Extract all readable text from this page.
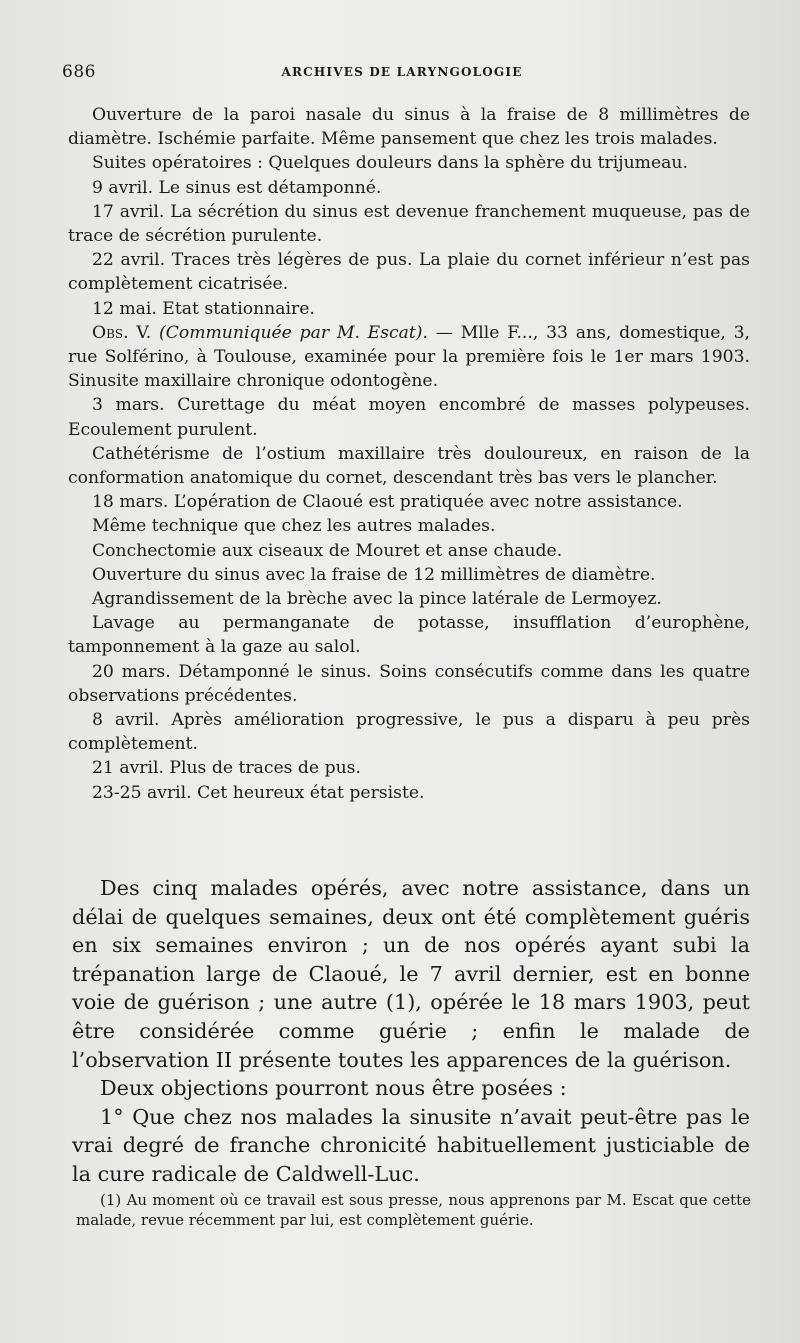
686	ARCHIVES DE LARYNGOLOGIE

Ouverture de la paroi nasale du sinus à la fraise de 8 millimètres de diamètre. Ischémie parfaite. Même pansement que chez les trois malades.

Suites opératoires : Quelques douleurs dans la sphère du trijumeau.

9 avril. Le sinus est détamponné.

17 avril. La sécrétion du sinus est devenue franchement muqueuse, pas de trace de sécrétion purulente.

22 avril. Traces très légères de pus. La plaie du cornet inférieur n’est pas complètement cicatrisée.

12 mai. Etat stationnaire.

Obs. V. (Communiquée par M. Escat). — Mlle F..., 33 ans, domestique, 3, rue Solférino, à Toulouse, examinée pour la première fois le 1er mars 1903. Sinusite maxillaire chronique odontogène.

3 mars. Curettage du méat moyen encombré de masses polypeuses. Ecoulement purulent.

Cathétérisme de l’ostium maxillaire très douloureux, en raison de la conformation anatomique du cornet, descendant très bas vers le plancher.

18 mars. L’opération de Claoué est pratiquée avec notre assistance.

Même technique que chez les autres malades.

Conchectomie aux ciseaux de Mouret et anse chaude.

Ouverture du sinus avec la fraise de 12 millimètres de diamètre.

Agrandissement de la brèche avec la pince latérale de Lermoyez.

Lavage au permanganate de potasse, insufflation d’europhène, tamponnement à la gaze au salol.

20 mars. Détamponné le sinus. Soins consécutifs comme dans les quatre observations précédentes.

8 avril. Après amélioration progressive, le pus a disparu à peu près complètement.

21 avril. Plus de traces de pus.

23-25 avril. Cet heureux état persiste.

Des cinq malades opérés, avec notre assistance, dans un délai de quelques semaines, deux ont été complètement guéris en six semaines environ ; un de nos opérés ayant subi la trépanation large de Claoué, le 7 avril dernier, est en bonne voie de guérison ; une autre (1), opérée le 18 mars 1903, peut être considérée comme guérie ; enfin le malade de l’observation II présente toutes les apparences de la guérison.

Deux objections pourront nous être posées :

1° Que chez nos malades la sinusite n’avait peut-être pas le vrai degré de franche chronicité habituellement justiciable de la cure radicale de Caldwell-Luc.

(1) Au moment où ce travail est sous presse, nous apprenons par M. Escat que cette malade, revue récemment par lui, est complètement guérie.
